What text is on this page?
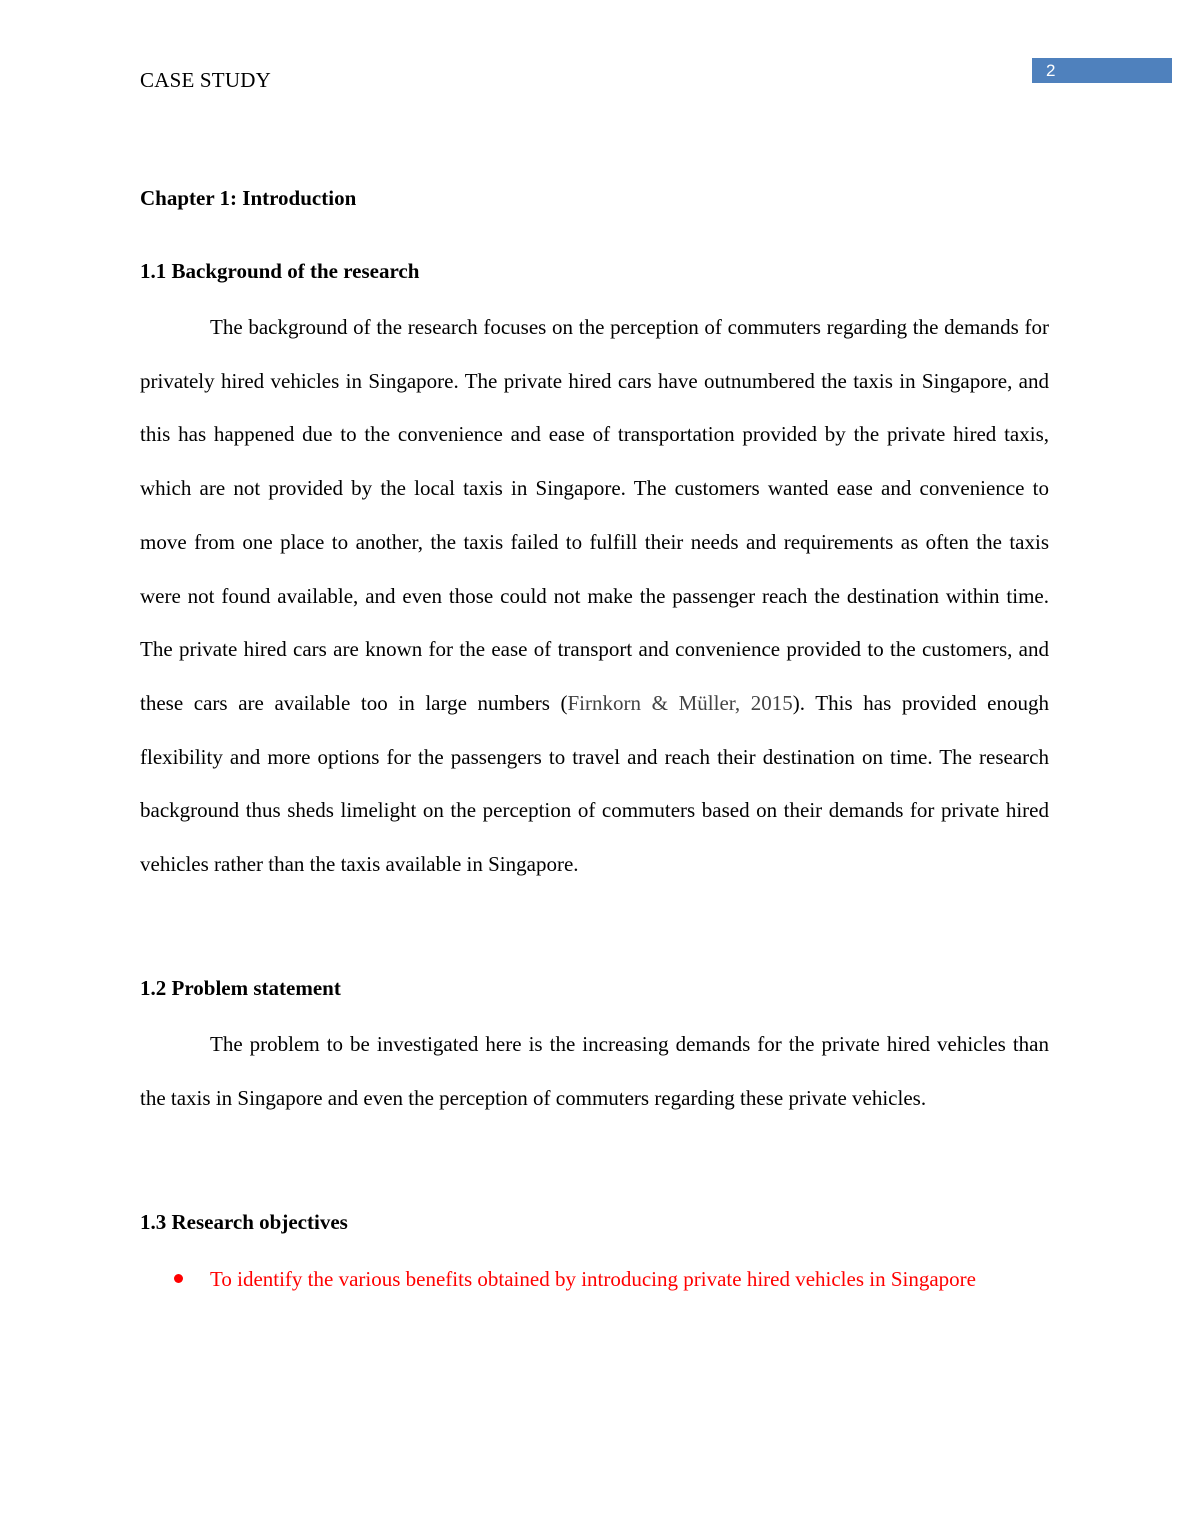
CASE STUDY	2
Chapter 1: Introduction
1.1 Background of the research

The background of the research focuses on the perception of commuters regarding the demands for privately hired vehicles in Singapore. The private hired cars have outnumbered the taxis in Singapore, and this has happened due to the convenience and ease of transportation provided by the private hired taxis, which are not provided by the local taxis in Singapore. The customers wanted ease and convenience to move from one place to another, the taxis failed to fulfill their needs and requirements as often the taxis were not found available, and even those could not make the passenger reach the destination within time. The private hired cars are known for the ease of transport and convenience provided to the customers, and these cars are available too in large numbers (Firnkorn & Müller, 2015). This has provided enough flexibility and more options for the passengers to travel and reach their destination on time. The research background thus sheds limelight on the perception of commuters based on their demands for private hired vehicles rather than the taxis available in Singapore.

1.2 Problem statement

The problem to be investigated here is the increasing demands for the private hired vehicles than the taxis in Singapore and even the perception of commuters regarding these private vehicles.

1.3 Research objectives
To identify the various benefits obtained by introducing private hired vehicles in Singapore
